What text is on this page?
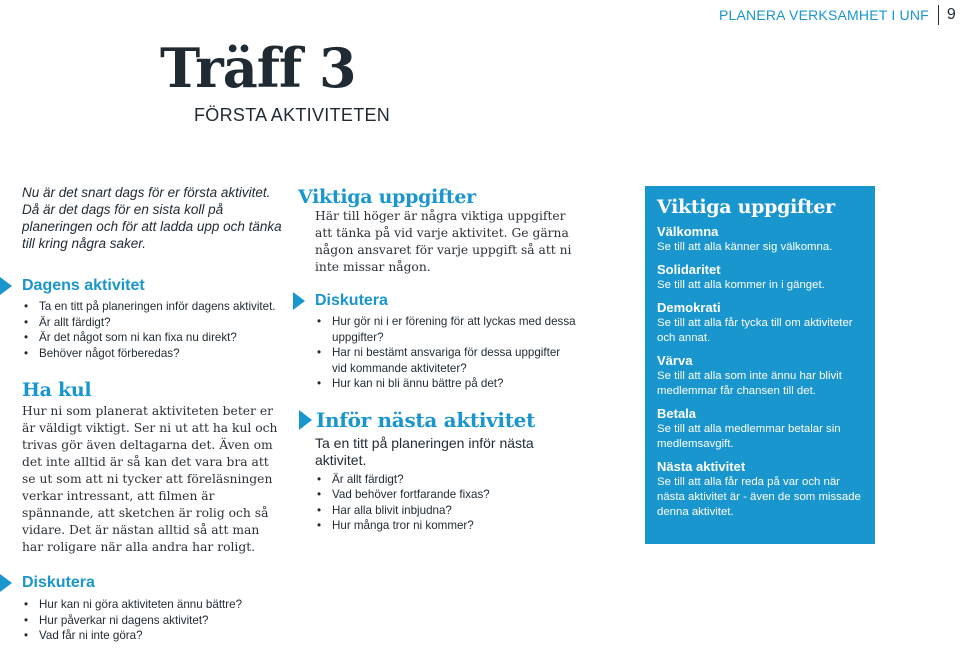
PLANERA VERKSAMHET I UNF 9
Träff 3
FÖRSTA AKTIVITETEN

Nu är det snart dags för er första aktivitet. Då är det dags för en sista koll på planeringen och för att ladda upp och tänka till kring några saker.

Dagens aktivitet
• Ta en titt på planeringen inför dagens aktivitet.
• Är allt färdigt?
• Är det något som ni kan fixa nu direkt?
• Behöver något förberedas?
Ha kul

Hur ni som planerat aktiviteten beter er är väldigt viktigt. Ser ni ut att ha kul och trivas gör även deltagarna det. Även om det inte alltid är så kan det vara bra att se ut som att ni tycker att föreläsningen verkar intressant, att filmen är spännande, att sketchen är rolig och så vidare. Det är nästan alltid så att man har roligare när alla andra har roligt.

Diskutera
• Hur kan ni göra aktiviteten ännu bättre?
• Hur påverkar ni dagens aktivitet?
• Vad får ni inte göra?
Viktiga uppgifter

Här till höger är några viktiga uppgifter att tänka på vid varje aktivitet. Ge gärna någon ansvaret för varje uppgift så att ni inte missar någon.

Diskutera
• Hur gör ni i er förening för att lyckas med dessa uppgifter?
• Har ni bestämt ansvariga för dessa uppgifter vid kommande aktiviteter?
• Hur kan ni bli ännu bättre på det?
Inför nästa aktivitet

Ta en titt på planeringen inför nästa aktivitet.

• Är allt färdigt?
• Vad behöver fortfarande fixas?
• Har alla blivit inbjudna?
• Hur många tror ni kommer?
Viktiga uppgifter
Välkomna
Se till att alla känner sig välkomna.
Solidaritet
Se till att alla kommer in i gänget.
Demokrati
Se till att alla får tycka till om aktiviteter och annat.
Värva
Se till att alla som inte ännu har blivit medlemmar får chansen till det.
Betala
Se till att alla medlemmar betalar sin medlemsavgift.
Nästa aktivitet
Se till att alla får reda på var och när nästa aktivitet är - även de som missade denna aktivitet.
